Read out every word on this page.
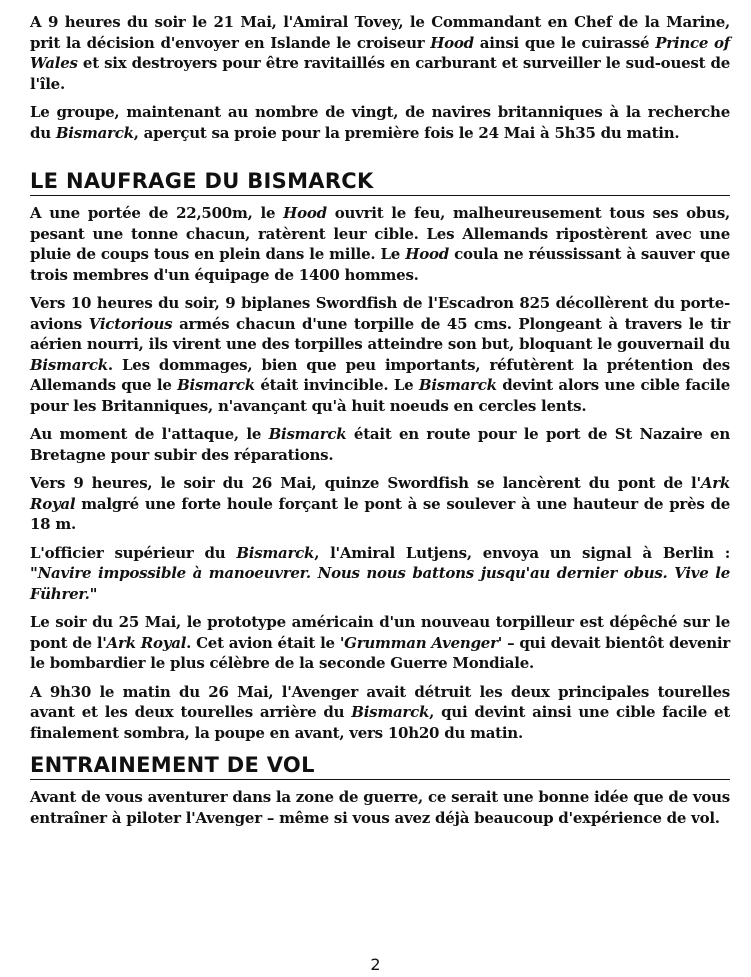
A 9 heures du soir le 21 Mai, l'Amiral Tovey, le Commandant en Chef de la Marine, prit la décision d'envoyer en Islande le croiseur Hood ainsi que le cuirassé Prince of Wales et six destroyers pour être ravitaillés en carburant et surveiller le sud-ouest de l'île.

Le groupe, maintenant au nombre de vingt, de navires britanniques à la recherche du Bismarck, aperçut sa proie pour la première fois le 24 Mai à 5h35 du matin.

LE NAUFRAGE DU BISMARCK

A une portée de 22,500m, le Hood ouvrit le feu, malheureusement tous ses obus, pesant une tonne chacun, ratèrent leur cible. Les Allemands ripostèrent avec une pluie de coups tous en plein dans le mille. Le Hood coula ne réussissant à sauver que trois membres d'un équipage de 1400 hommes.

Vers 10 heures du soir, 9 biplanes Swordfish de l'Escadron 825 décollèrent du porte-avions Victorious armés chacun d'une torpille de 45 cms. Plongeant à travers le tir aérien nourri, ils virent une des torpilles atteindre son but, bloquant le gouvernail du Bismarck. Les dommages, bien que peu importants, réfutèrent la prétention des Allemands que le Bismarck était invincible. Le Bismarck devint alors une cible facile pour les Britanniques, n'avançant qu'à huit noeuds en cercles lents.

Au moment de l'attaque, le Bismarck était en route pour le port de St Nazaire en Bretagne pour subir des réparations.

Vers 9 heures, le soir du 26 Mai, quinze Swordfish se lancèrent du pont de l'Ark Royal malgré une forte houle forçant le pont à se soulever à une hauteur de près de 18 m.

L'officier supérieur du Bismarck, l'Amiral Lutjens, envoya un signal à Berlin : "Navire impossible à manoeuvrer. Nous nous battons jusqu'au dernier obus. Vive le Führer."

Le soir du 25 Mai, le prototype américain d'un nouveau torpilleur est dépêché sur le pont de l'Ark Royal. Cet avion était le 'Grumman Avenger' – qui devait bientôt devenir le bombardier le plus célèbre de la seconde Guerre Mondiale.

A 9h30 le matin du 26 Mai, l'Avenger avait détruit les deux principales tourelles avant et les deux tourelles arrière du Bismarck, qui devint ainsi une cible facile et finalement sombra, la poupe en avant, vers 10h20 du matin.

ENTRAINEMENT DE VOL

Avant de vous aventurer dans la zone de guerre, ce serait une bonne idée que de vous entraîner à piloter l'Avenger – même si vous avez déjà beaucoup d'expérience de vol.

2
